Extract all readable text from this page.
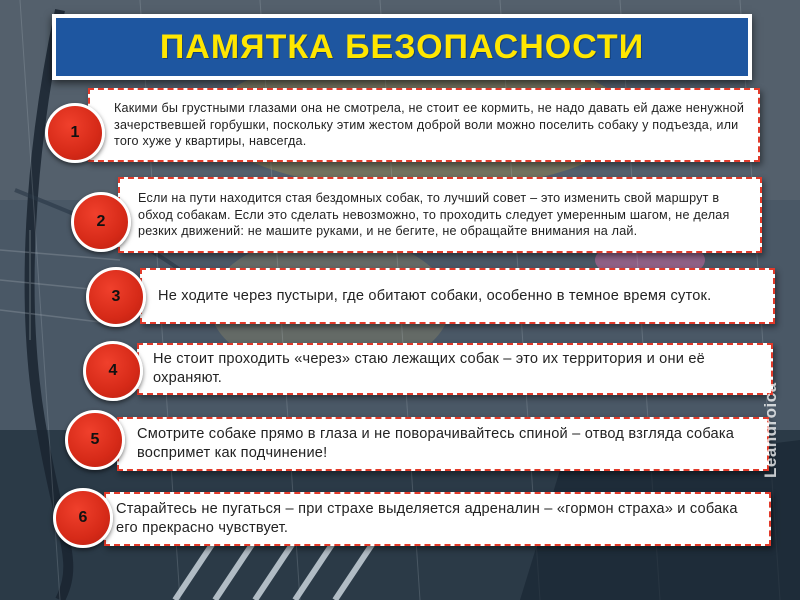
ПАМЯТКА БЕЗОПАСНОСТИ
Какими бы грустными глазами она не смотрела, не стоит ее кормить, не надо давать ей даже ненужной зачерствевшей горбушки, поскольку этим жестом доброй воли можно поселить собаку у подъезда, или того хуже у квартиры, навсегда.
1
Если на пути находится стая бездомных собак, то лучший совет – это изменить свой маршрут в обход собакам. Если это сделать невозможно, то проходить следует умеренным шагом, не делая резких движений: не машите руками, и не бегите, не обращайте внимания на лай.
2
Не ходите через пустыри, где обитают собаки, особенно в темное время суток.
3
Не стоит проходить «через» стаю лежащих собак – это их территория и они её охраняют.
4
Смотрите собаке прямо в глаза и не поворачивайтесь спиной – отвод взгляда собака воспримет как подчинение!
5
Старайтесь не пугаться – при страхе выделяется адреналин – «гормон страха» и собака его прекрасно чувствует.
6
Leandroica
